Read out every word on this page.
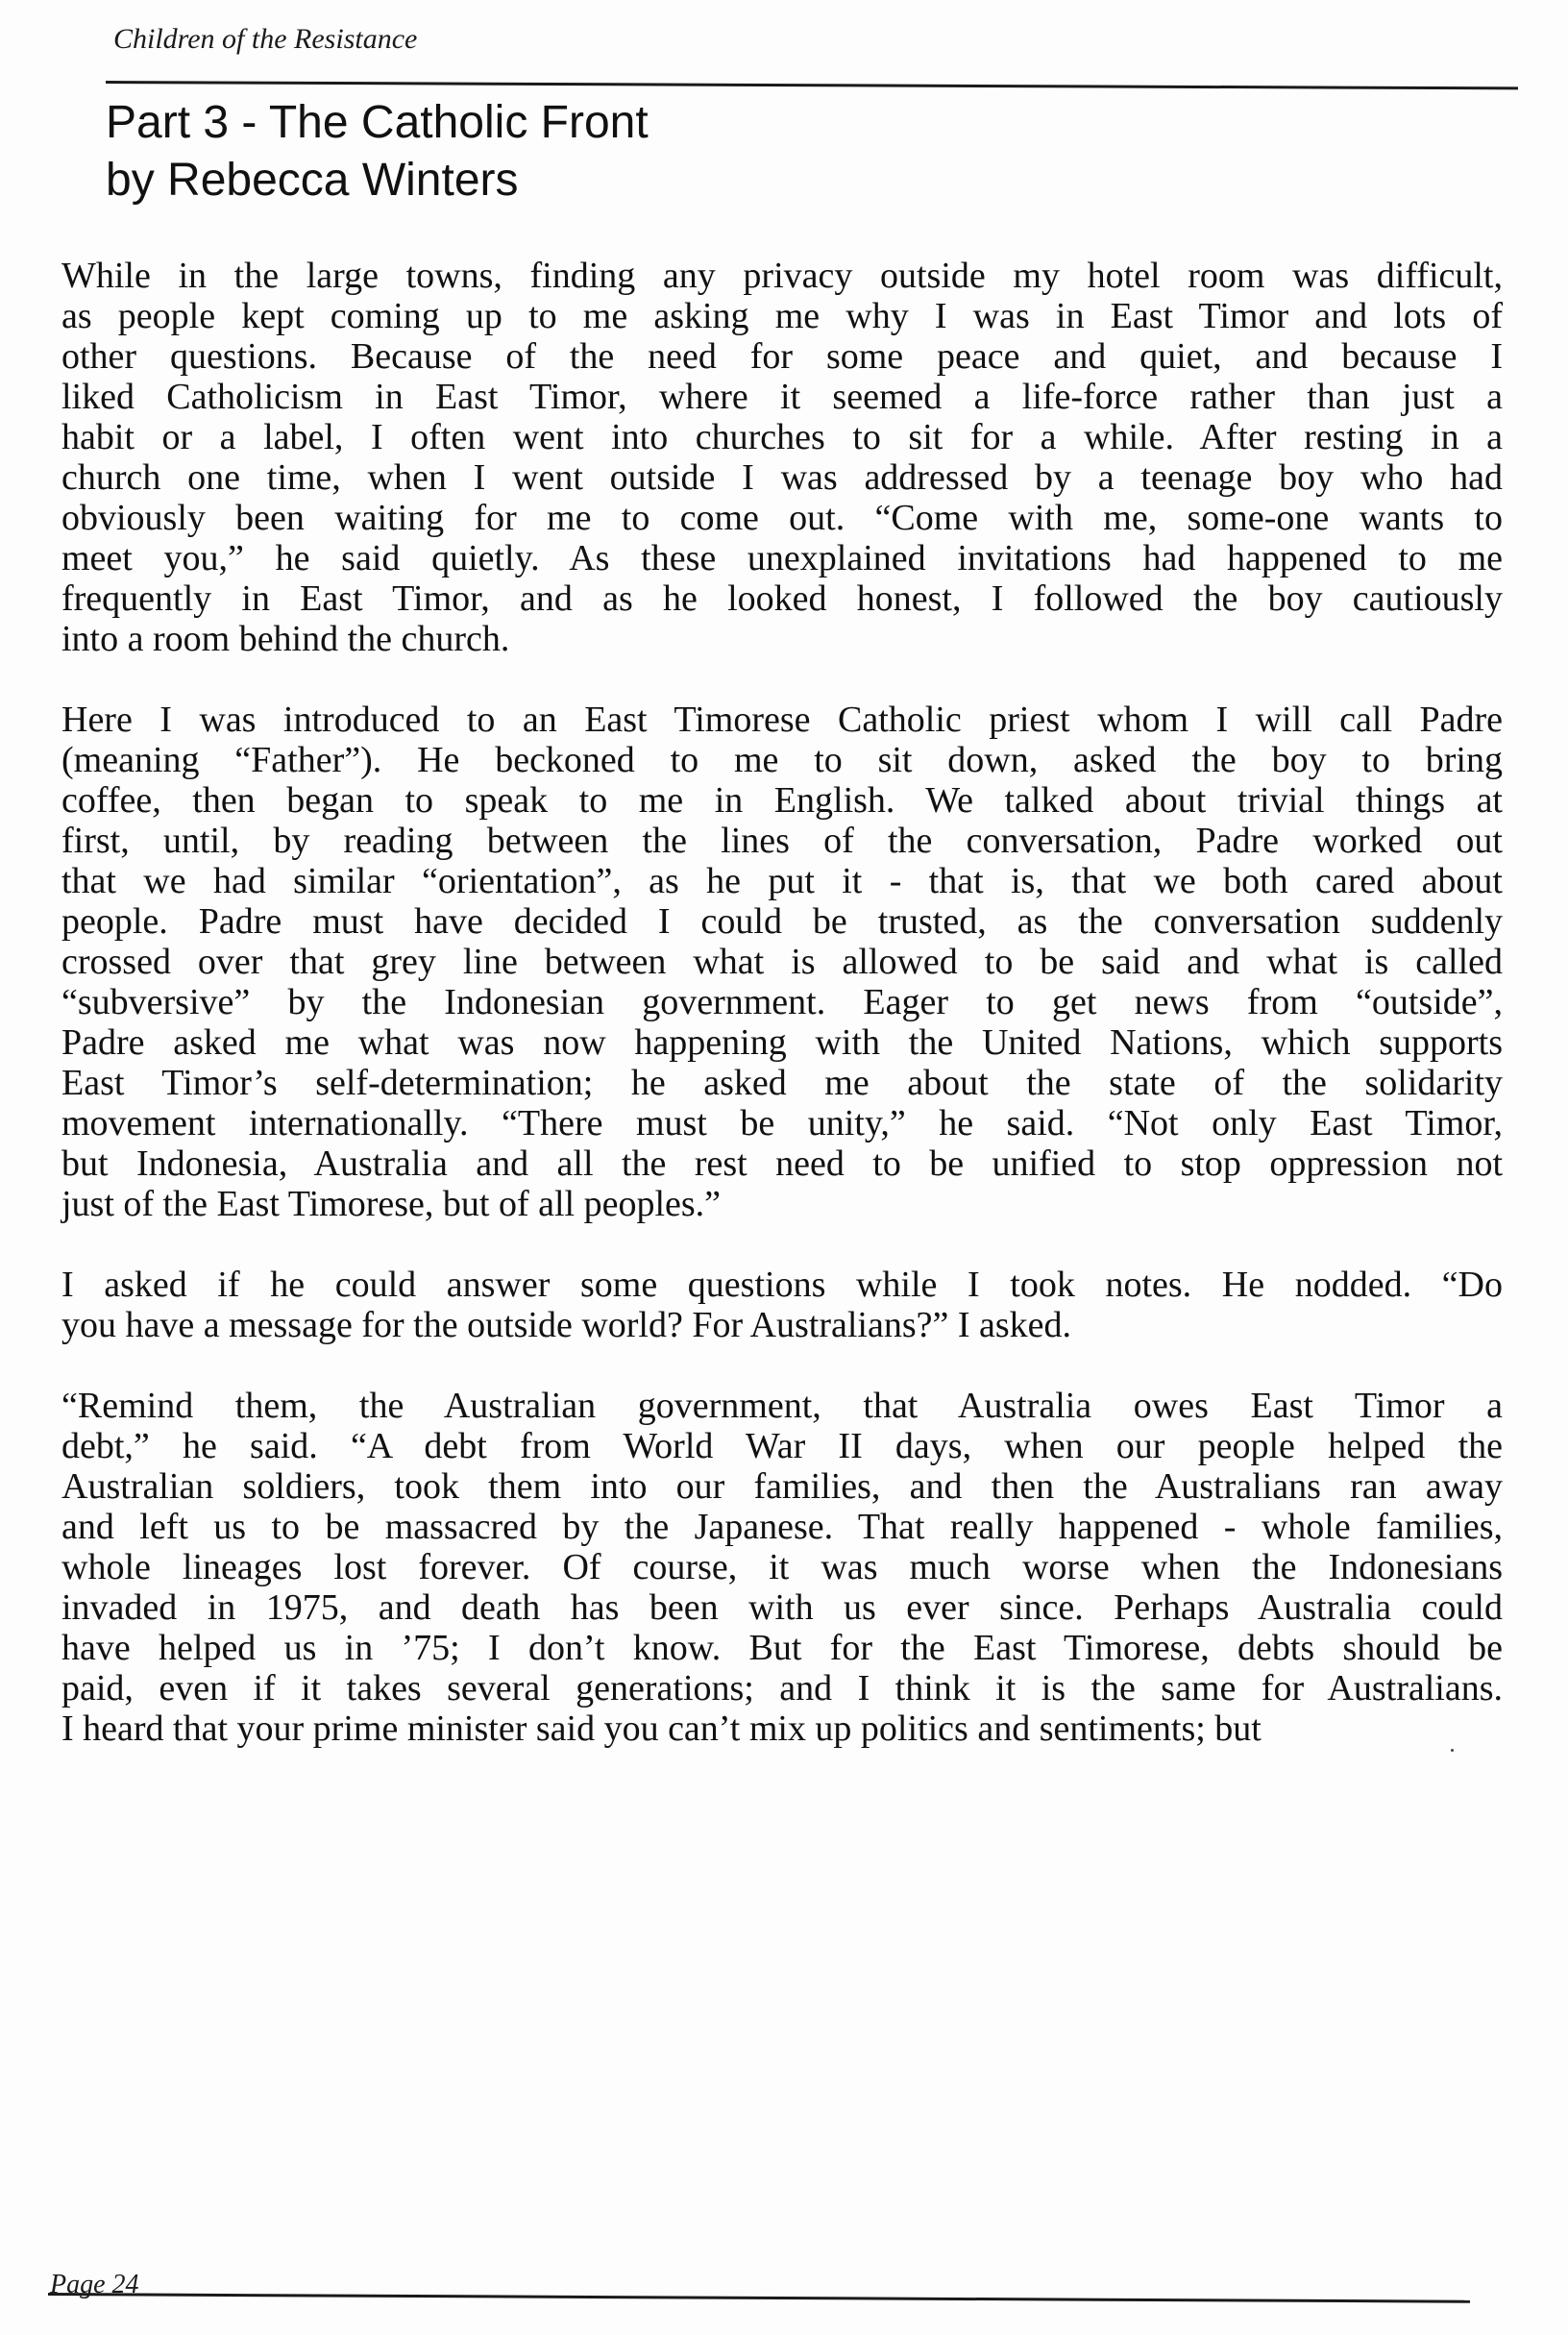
Children of the Resistance
Part 3 - The Catholic Front
by Rebecca Winters
While in the large towns, finding any privacy outside my hotel room was difficult,
as people kept coming up to me asking me why I was in East Timor and lots of
other questions. Because of the need for some peace and quiet, and because I
liked Catholicism in East Timor, where it seemed a life-force rather than just a
habit or a label, I often went into churches to sit for a while. After resting in a
church one time, when I went outside I was addressed by a teenage boy who had
obviously been waiting for me to come out. “Come with me, some-one wants to
meet you,” he said quietly. As these unexplained invitations had happened to me
frequently in East Timor, and as he looked honest, I followed the boy cautiously
into a room behind the church.
Here I was introduced to an East Timorese Catholic priest whom I will call Padre
(meaning “Father”). He beckoned to me to sit down, asked the boy to bring
coffee, then began to speak to me in English. We talked about trivial things at
first, until, by reading between the lines of the conversation, Padre worked out
that we had similar “orientation”, as he put it - that is, that we both cared about
people. Padre must have decided I could be trusted, as the conversation suddenly
crossed over that grey line between what is allowed to be said and what is called
“subversive” by the Indonesian government. Eager to get news from “outside”,
Padre asked me what was now happening with the United Nations, which supports
East Timor’s self-determination; he asked me about the state of the solidarity
movement internationally. “There must be unity,” he said. “Not only East Timor,
but Indonesia, Australia and all the rest need to be unified to stop oppression not
just of the East Timorese, but of all peoples.”
I asked if he could answer some questions while I took notes. He nodded. “Do
you have a message for the outside world? For Australians?” I asked.
“Remind them, the Australian government, that Australia owes East Timor a
debt,” he said. “A debt from World War II days, when our people helped the
Australian soldiers, took them into our families, and then the Australians ran away
and left us to be massacred by the Japanese. That really happened - whole families,
whole lineages lost forever. Of course, it was much worse when the Indonesians
invaded in 1975, and death has been with us ever since. Perhaps Australia could
have helped us in ’75; I don’t know. But for the East Timorese, debts should be
paid, even if it takes several generations; and I think it is the same for Australians.
I heard that your prime minister said you can’t mix up politics and sentiments; but
Page 24
